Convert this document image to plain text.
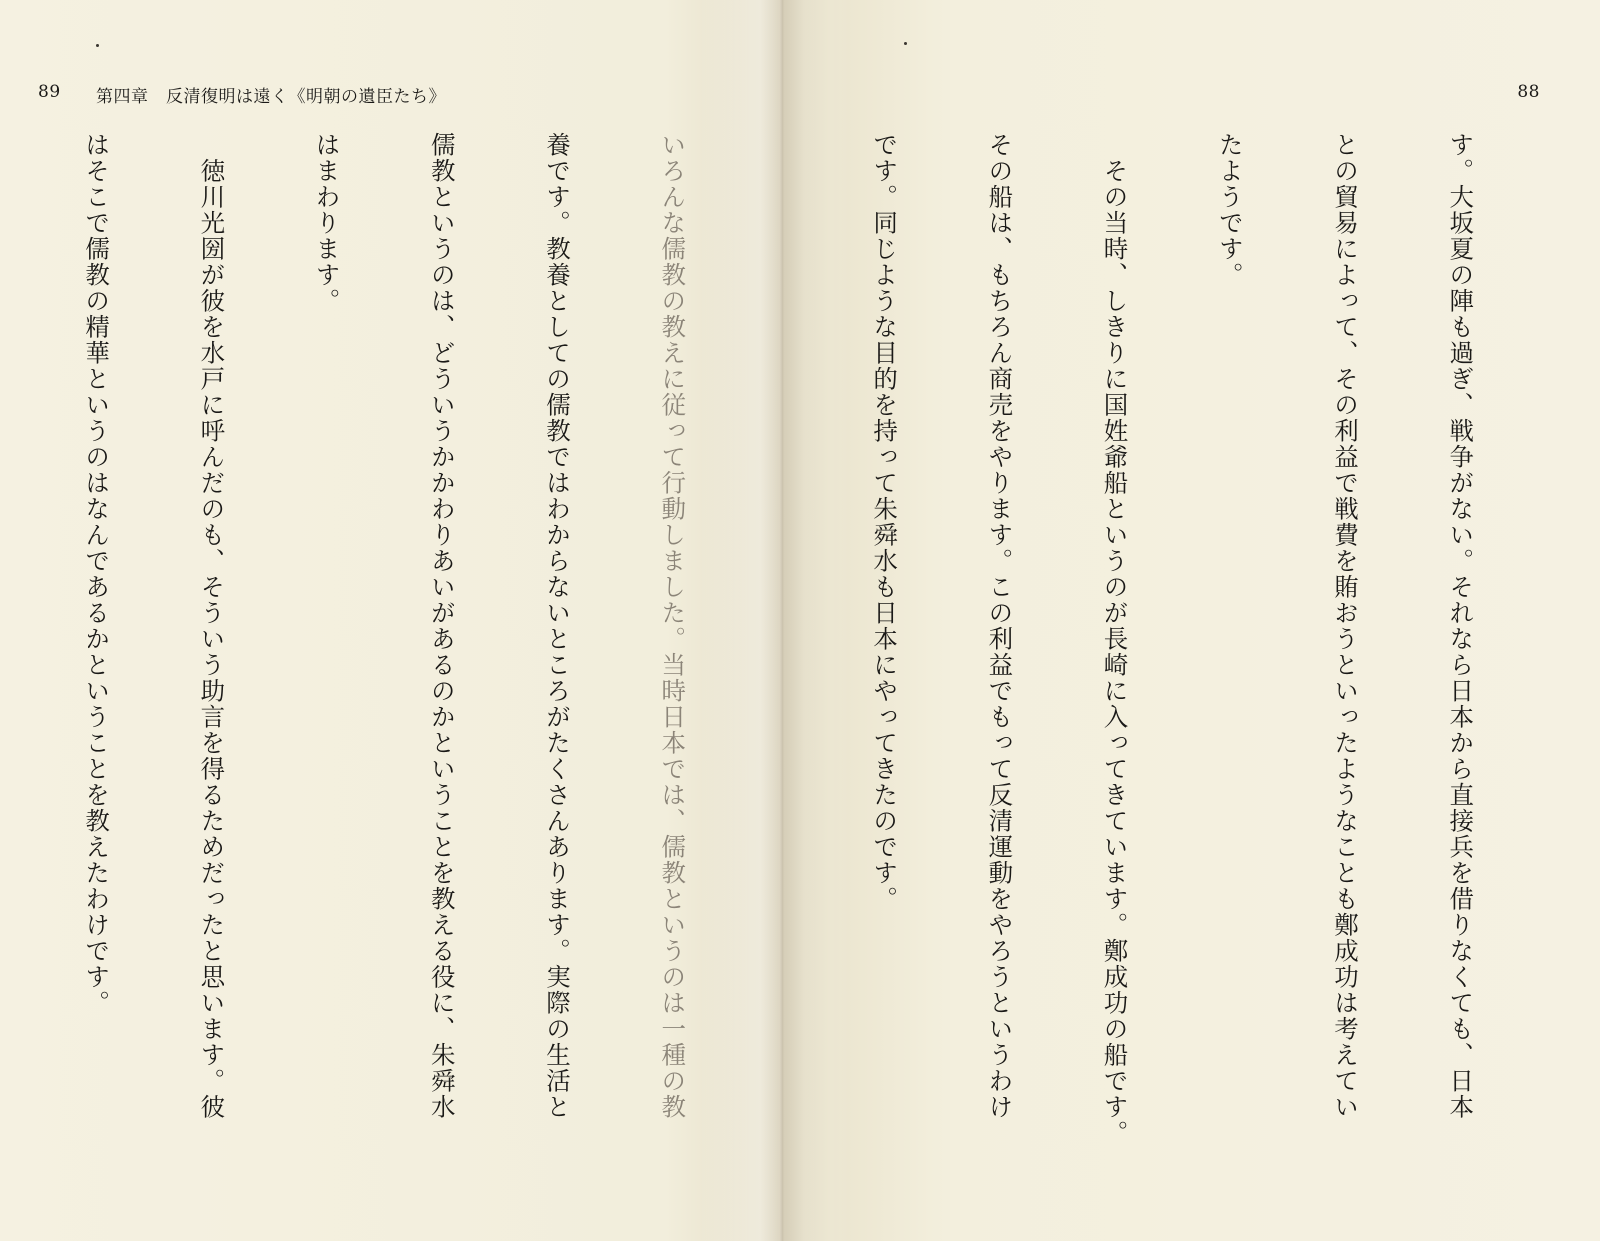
89 第四章　反清復明は遠く《明朝の遺臣たち》

いろんな儒教の教えに従って行動しました。当時日本では、儒教というのは一種の教

養です。教養としての儒教ではわからないところがたくさんあります。実際の生活と

儒教というのは、どういうかかわりあいがあるのかということを教える役に、朱舜水

はまわります。

　徳川光圀が彼を水戸に呼んだのも、そういう助言を得るためだったと思います。彼

はそこで儒教の精華というのはなんであるかということを教えたわけです。

88

す。大坂夏の陣も過ぎ、戦争がない。それなら日本から直接兵を借りなくても、日本

との貿易によって、その利益で戦費を賄おうといったようなことも鄭成功は考えてい

たようです。

　その当時、しきりに国姓爺船というのが長崎に入ってきています。鄭成功の船です。

その船は、もちろん商売をやります。この利益でもって反清運動をやろうというわけ

です。同じような目的を持って朱舜水も日本にやってきたのです。
